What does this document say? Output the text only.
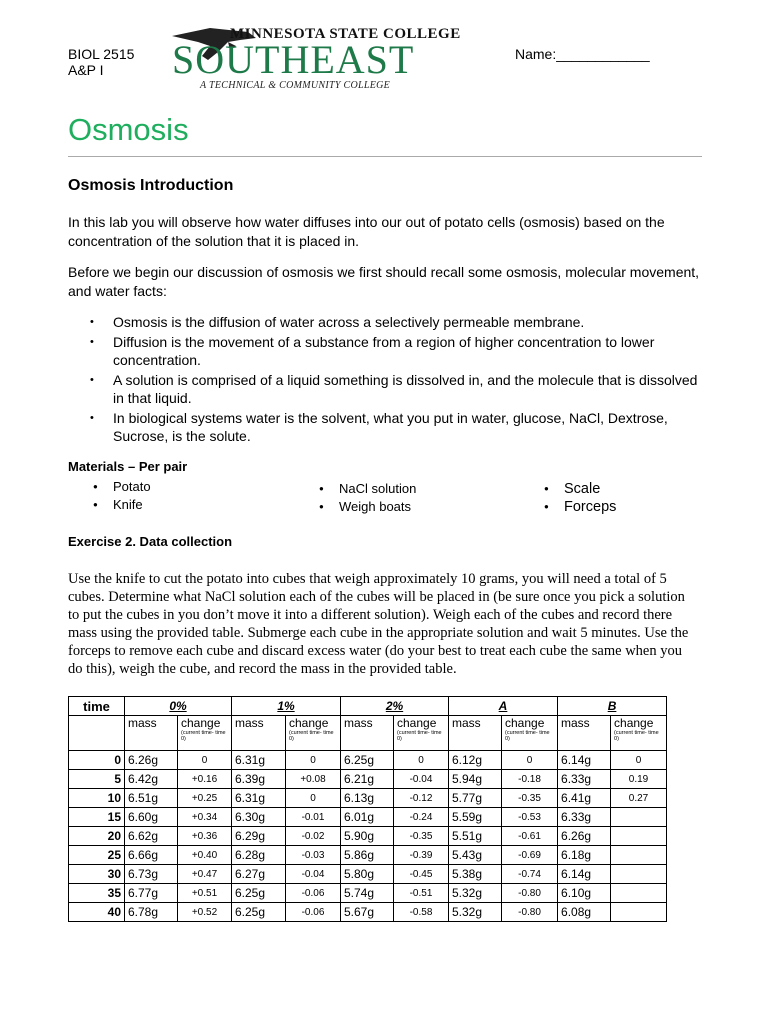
BIOL 2515
A&P I
MINNESOTA STATE COLLEGE
SOUTHEAST
A TECHNICAL & COMMUNITY COLLEGE
Name:____________
Osmosis
Osmosis Introduction
In this lab you will observe how water diffuses into our out of potato cells (osmosis) based on the concentration of the solution that it is placed in.
Before we begin our discussion of osmosis we first should recall some osmosis, molecular movement, and water facts:
• Osmosis is the diffusion of water across a selectively permeable membrane.
• Diffusion is the movement of a substance from a region of higher concentration to lower concentration.
• A solution is comprised of a liquid something is dissolved in, and the molecule that is dissolved in that liquid.
• In biological systems water is the solvent, what you put in water, glucose, NaCl, Dextrose, Sucrose, is the solute.
Materials – Per pair
● Potato
● Knife
● NaCl solution
● Weigh boats
● Scale
● Forceps
Exercise 2. Data collection
Use the knife to cut the potato into cubes that weigh approximately 10 grams, you will need a total of 5 cubes. Determine what NaCl solution each of the cubes will be placed in (be sure once you pick a solution to put the cubes in you don’t move it into a different solution). Weigh each of the cubes and record there mass using the provided table. Submerge each cube in the appropriate solution and wait 5 minutes. Use the forceps to remove each cube and discard excess water (do your best to treat each cube the same when you do this), weigh the cube, and record the mass in the provided table.
time	0%		1%		2%		A		B	
	mass	change
(current time- time 0)	mass	change
(current time- time 0)	mass	change
(current time- time 0)	mass	change
(current time- time 0)	mass	change
(current time- time 0)

0	6.26g	0	6.31g	0	6.25g	0	6.12g	0	6.14g	0
5	6.42g	+0.16	6.39g	+0.08	6.21g	-0.04	5.94g	-0.18	6.33g	0.19
10	6.51g	+0.25	6.31g	0	6.13g	-0.12	5.77g	-0.35	6.41g	0.27
15	6.60g	+0.34	6.30g	-0.01	6.01g	-0.24	5.59g	-0.53	6.33g	
20	6.62g	+0.36	6.29g	-0.02	5.90g	-0.35	5.51g	-0.61	6.26g	
25	6.66g	+0.40	6.28g	-0.03	5.86g	-0.39	5.43g	-0.69	6.18g	
30	6.73g	+0.47	6.27g	-0.04	5.80g	-0.45	5.38g	-0.74	6.14g	
35	6.77g	+0.51	6.25g	-0.06	5.74g	-0.51	5.32g	-0.80	6.10g	
40	6.78g	+0.52	6.25g	-0.06	5.67g	-0.58	5.32g	-0.80	6.08g	
